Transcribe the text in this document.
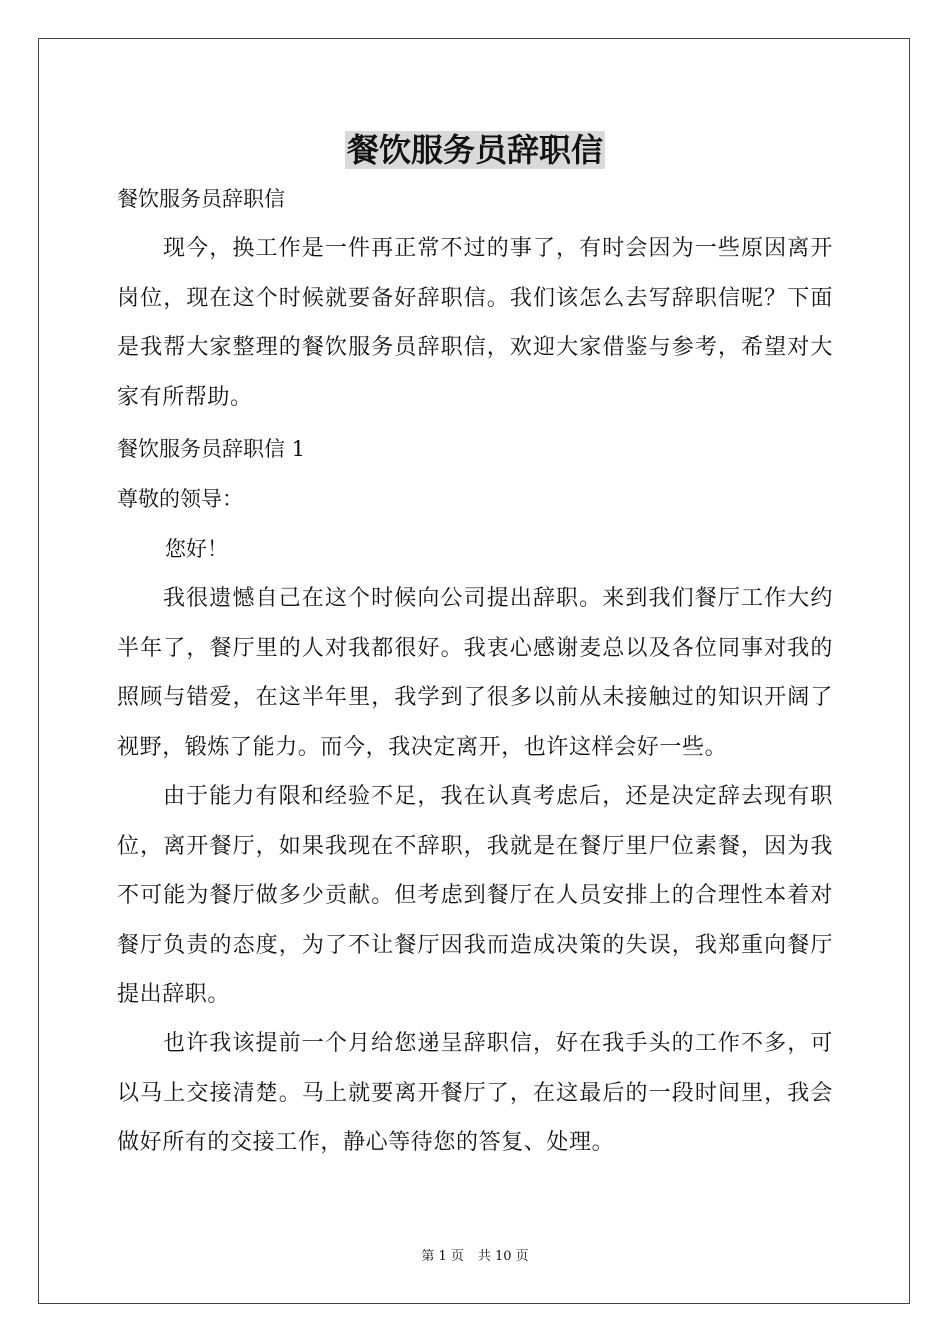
餐饮服务员辞职信
餐饮服务员辞职信

现今，换工作是一件再正常不过的事了，有时会因为一些原因离开岗位，现在这个时候就要备好辞职信。我们该怎么去写辞职信呢？下面是我帮大家整理的餐饮服务员辞职信，欢迎大家借鉴与参考，希望对大家有所帮助。

餐饮服务员辞职信 1
尊敬的领导：
您好！

我很遗憾自己在这个时候向公司提出辞职。来到我们餐厅工作大约半年了，餐厅里的人对我都很好。我衷心感谢麦总以及各位同事对我的照顾与错爱，在这半年里，我学到了很多以前从未接触过的知识开阔了视野，锻炼了能力。而今，我决定离开，也许这样会好一些。

由于能力有限和经验不足，我在认真考虑后，还是决定辞去现有职位，离开餐厅，如果我现在不辞职，我就是在餐厅里尸位素餐，因为我不可能为餐厅做多少贡献。但考虑到餐厅在人员安排上的合理性本着对餐厅负责的态度，为了不让餐厅因我而造成决策的失误，我郑重向餐厅提出辞职。

也许我该提前一个月给您递呈辞职信，好在我手头的工作不多，可以马上交接清楚。马上就要离开餐厅了，在这最后的一段时间里，我会做好所有的交接工作，静心等待您的答复、处理。

第 1 页 共 10 页
